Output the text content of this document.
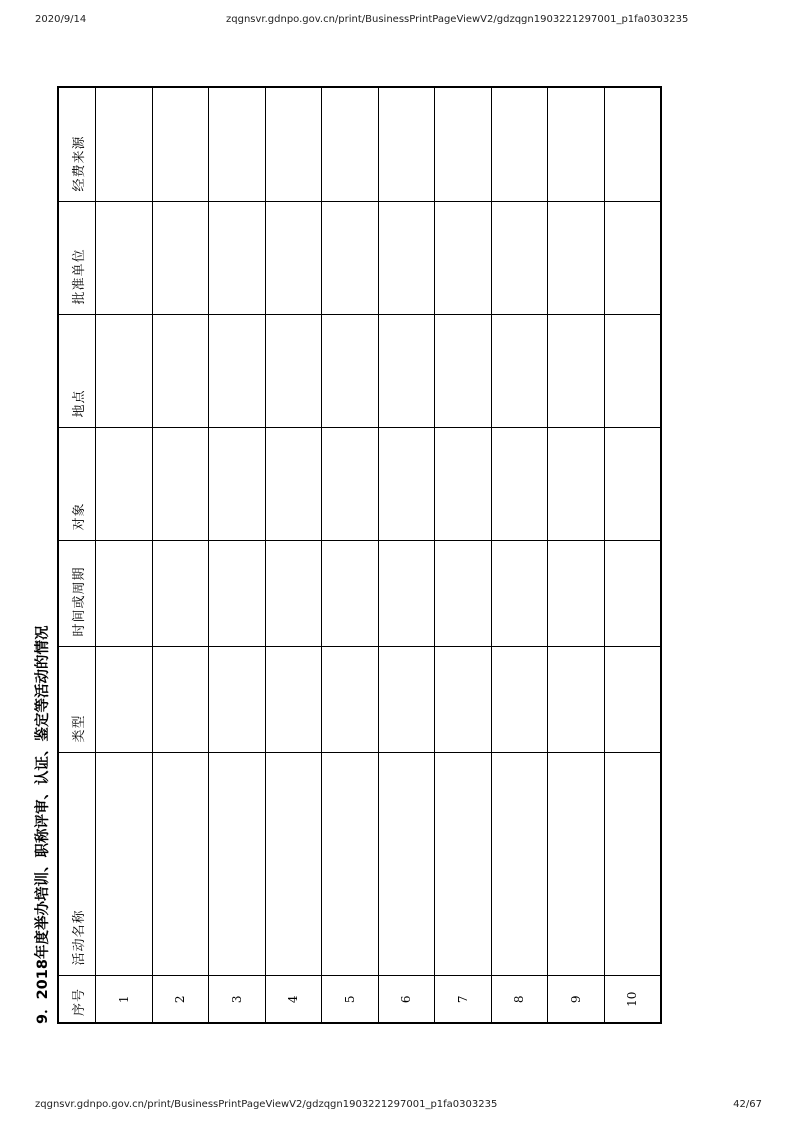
2020/9/14	zqgnsvr.gdnpo.gov.cn/print/BusinessPrintPageViewV2/gdzqgn1903221297001_p1fa0303235
9．2018年度举办培训、职称评审、认证、鉴定等活动的情况 序号	活动名称	类型	时间或周期	对象	地点	批准单位	经费来源
1							
2							
3							
4							
5							
6							
7							
8							
9							
10							
zqgnsvr.gdnpo.gov.cn/print/BusinessPrintPageViewV2/gdzqgn1903221297001_p1fa0303235	42/67
